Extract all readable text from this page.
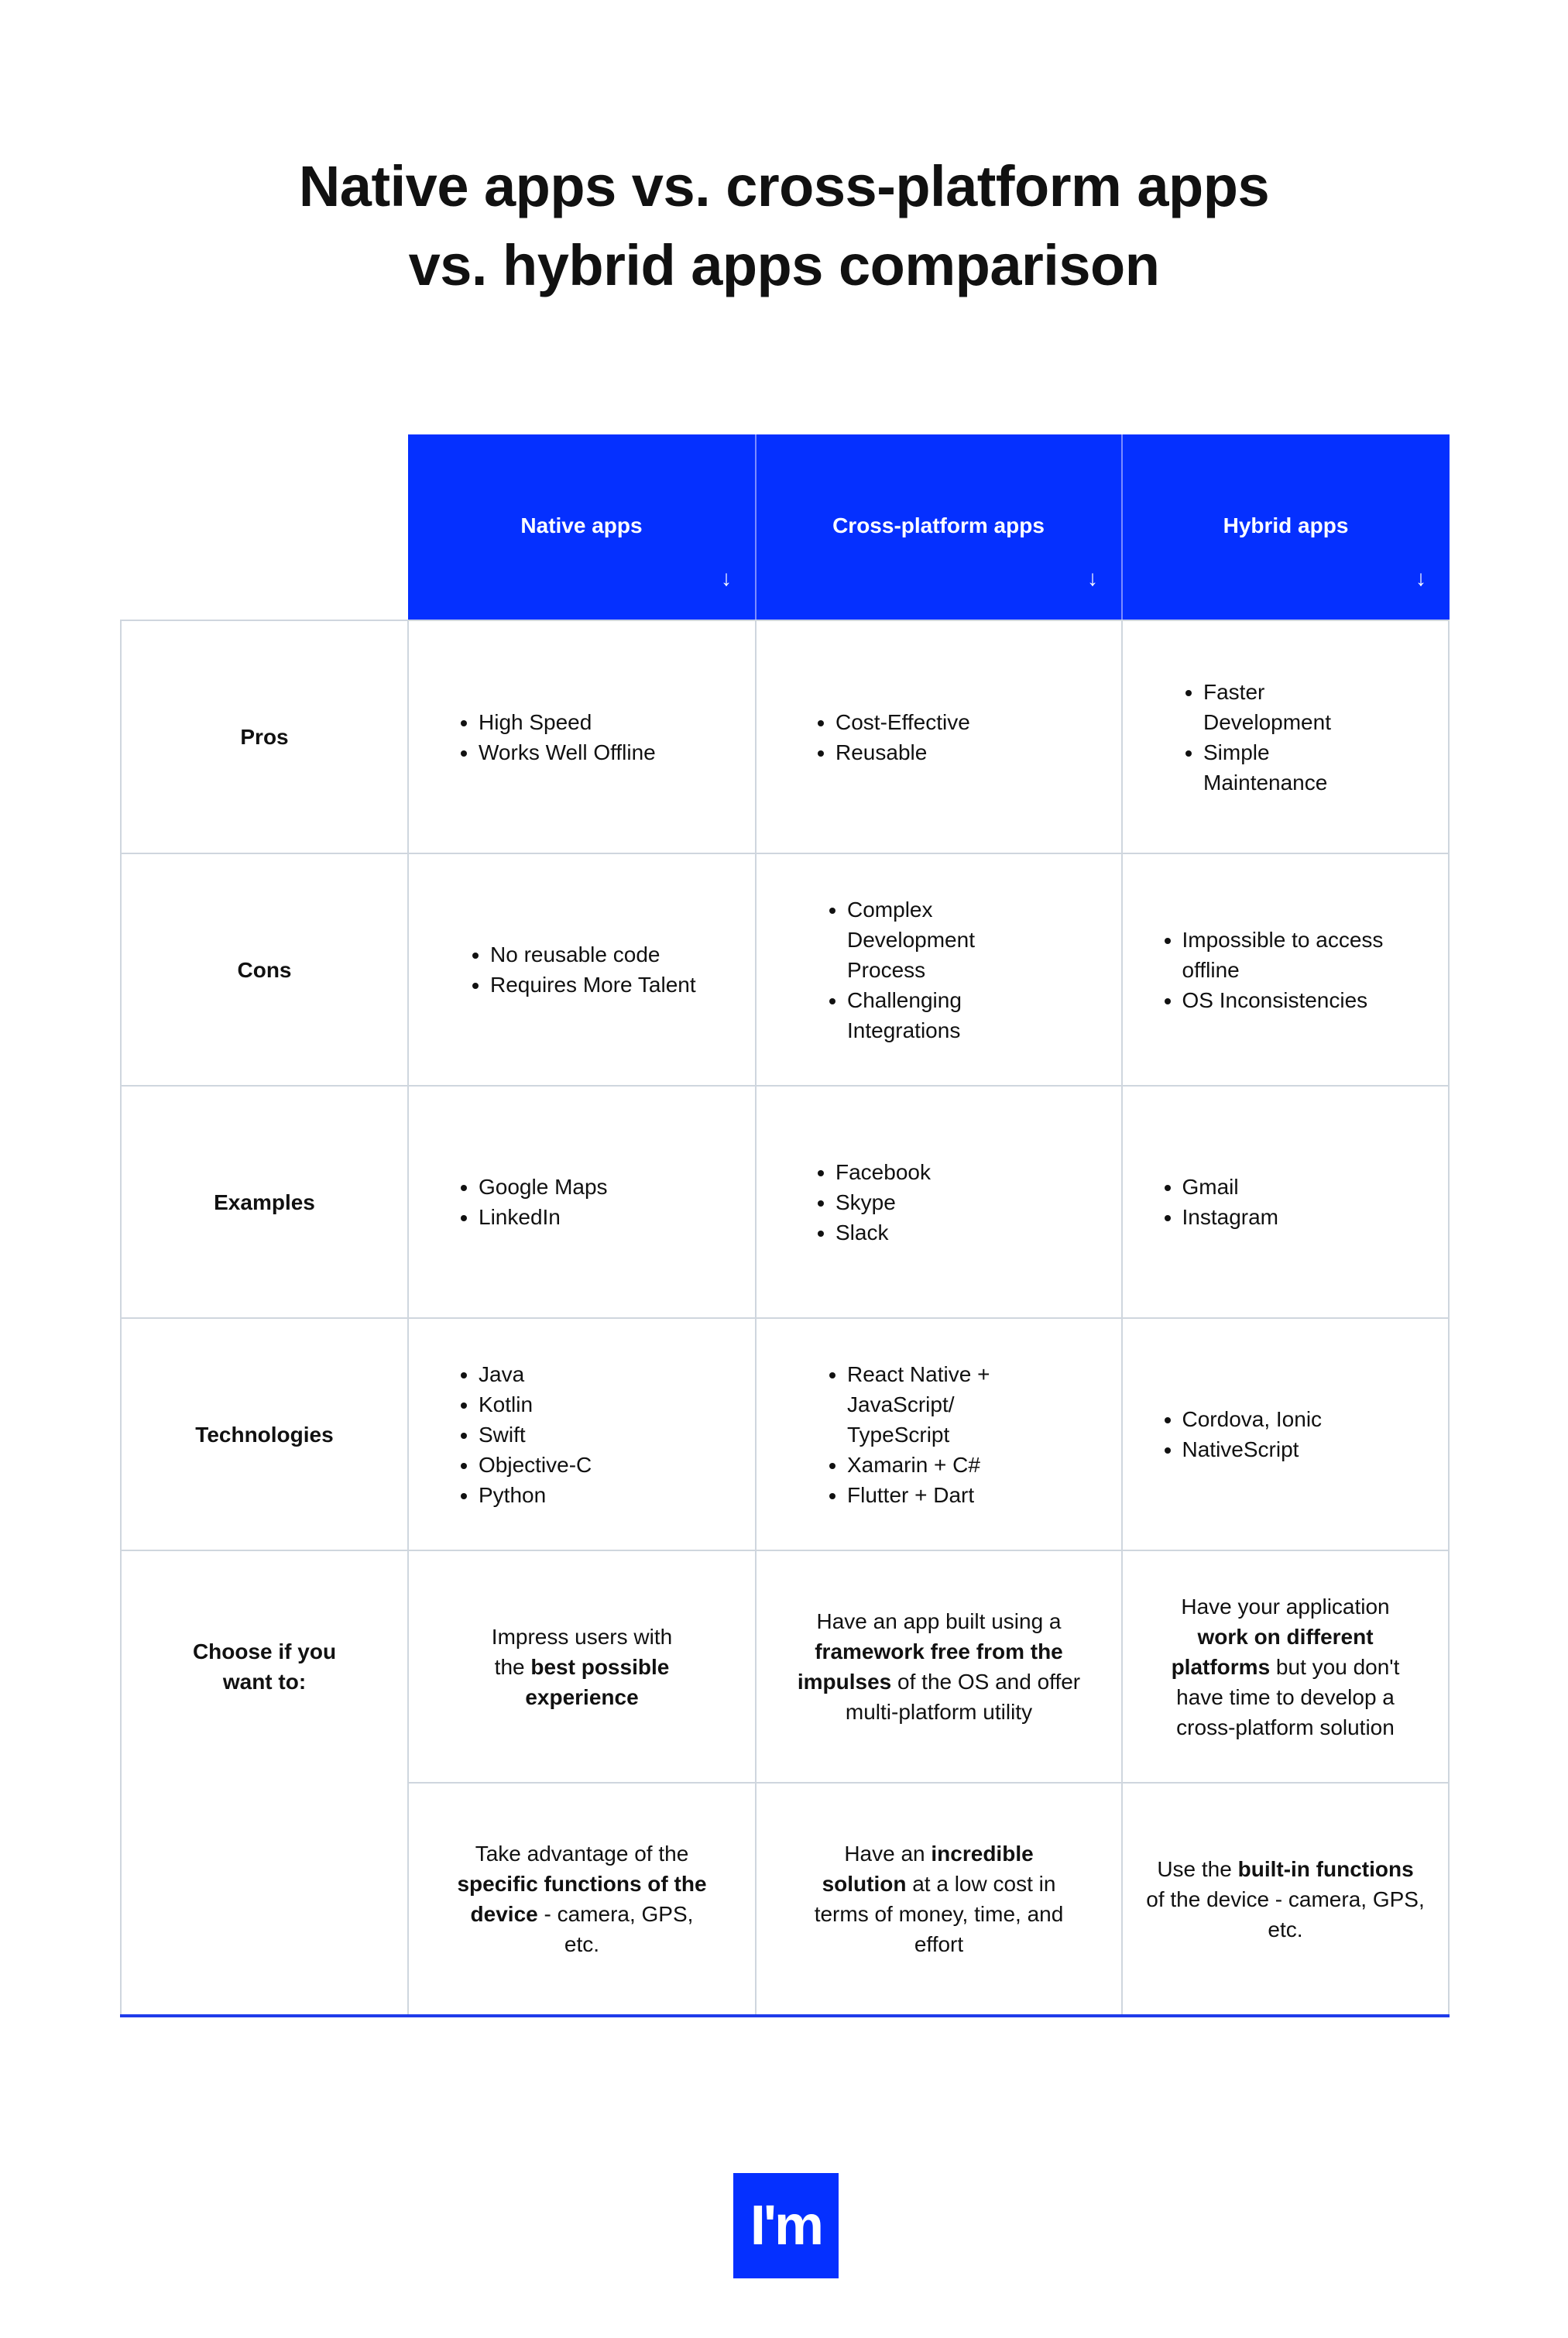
Native apps vs. cross-platform apps
vs. hybrid apps comparison
Native apps
↓
Cross-platform apps
↓
Hybrid apps
↓
Pros
• High Speed
• Works Well Offline
• Cost-Effective
• Reusable
• Faster Development
• Simple Maintenance
Cons
• No reusable code
• Requires More Talent
• Complex Development Process
• Challenging Integrations
• Impossible to access offline
• OS Inconsistencies
Examples
• Google Maps
• LinkedIn
• Facebook
• Skype
• Slack
• Gmail
• Instagram
Technologies
• Java
• Kotlin
• Swift
• Objective-C
• Python
• React Native + JavaScript/ TypeScript
• Xamarin + C#
• Flutter + Dart
• Cordova, Ionic
• NativeScript

Choose if you want to:

Impress users with the best possible experience

Have an app built using a framework free from the impulses of the OS and offer multi-platform utility

Have your application work on different platforms but you don't have time to develop a cross-platform solution

Take advantage of the specific functions of the device - camera, GPS, etc.

Have an incredible solution at a low cost in terms of money, time, and effort

Use the built-in functions of the device - camera, GPS, etc.

I'm
